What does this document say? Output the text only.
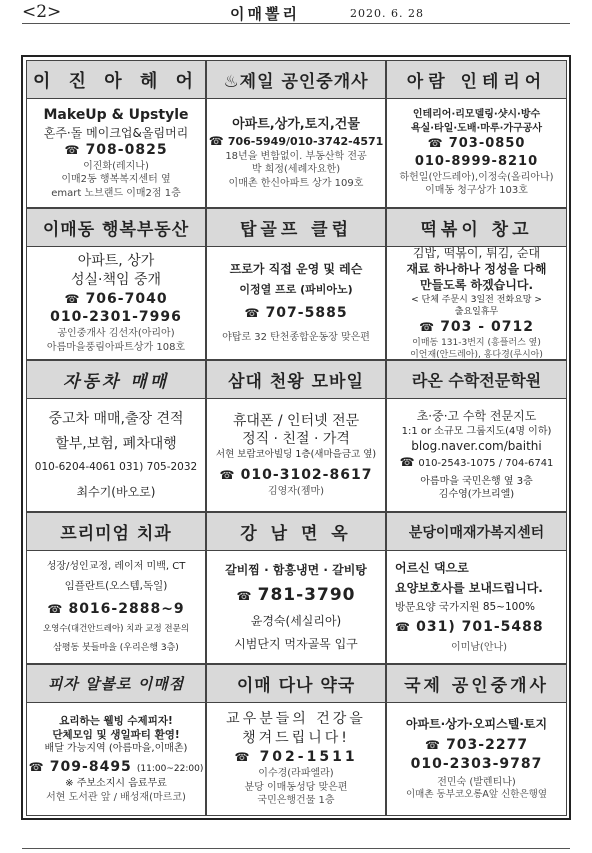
<2>	이매뽈리	2020. 6. 28
이 진 아 헤 어
MakeUp & Upstyle
혼주·돌 메이크업&올림머리
☎ 708-0825
이진화(레지나)
이매2동 행복복지센터 옆
emart 노브랜드 이매2점 1층
♨제일 공인중개사
아파트,상가,토지,건물
☎ 706-5949/010-3742-4571
18년을 변함없이. 부동산학 전공
박 희정(세례자요한)
이매촌 한신아파트 상가 109호
아람 인테리어
인테리어·리모델링·샷시·방수
욕실·타일·도배·마루·가구공사
☎ 703-0850
010-8999-8210
하헌일(안드레아),이정숙(올리아나)
이매동 청구상가 103호
이매동 행복부동산
아파트, 상가
성실·책임 중개
☎ 706-7040
010-2301-7996
공인중개사 김선자(아리아)
아름마을풍림아파트상가 108호
탑골프 클럽
프로가 직접 운영 및 레슨
이정열 프로 (파비아노)
☎ 707-5885
야탑로 32 탄천종합운동장 맞은편
떡볶이 창고
김밥, 떡볶이, 튀김, 순대
재료 하나하나 정성을 다해
만들도록 하겠습니다.
< 단체 주문시 3일전 전화요망 >
출요일휴무
☎ 703 - 0712
이매동 131-3번지 (흥플러스 옆)
이언재(안드레아), 홍다경(루시아)
자동차 매매
중고차 매매,출장 견적
할부,보험, 폐차대행
010-6204-4061 031) 705-2032
최수기(바오로)
삼대 천왕 모바일
휴대폰 / 인터넷 전문
정직 · 친절 · 가격
서현 보람코아빌딩 1층(새마을금고 옆)
☎ 010-3102-8617
김영자(젬마)
라온 수학전문학원
초·중·고 수학 전문지도
1:1 or 소규모 그룹지도(4명 이하)
blog.naver.com/baithi
☎ 010-2543-1075 / 704-6741
아름마을 국민은행 옆 3층
김수영(가브리엘)
프리미엄 치과
성장/성인교정, 레이저 미백, CT
임플란트(오스템,독일)
☎ 8016-2888~9
오영수(대건안드레아) 치과 교정 전문의
삼평동 붓들마을 (우리은행 3층)
강 남 면 옥
갈비찜 · 함흥냉면 · 갈비탕
☎ 781-3790
윤경숙(세실리아)
시범단지 먹자골목 입구
분당이매재가복지센터
어르신 댁으로
요양보호사를 보내드립니다.
방문요양 국가지원 85~100%
☎ 031) 701-5488
이미남(안나)
피자 알볼로 이매점
요리하는 웰빙 수제피자!
단체모임 및 생일파티 환영!
배달 가능지역 (아름마을,이매촌)
☎ 709-8495 (11:00~22:00)
※ 주보소지시 음료무료
서현 도서관 앞 / 배성재(마르코)
이매 다나 약국
교우분들의 건강을
챙겨드립니다!
☎ 702-1511
이수경(라파엘라)
분당 이매동성당 맞은편
국민은행건물 1층
국제 공인중개사
아파트·상가·오피스텔·토지
☎ 703-2277
010-2303-9787
전민숙 (발렌티나)
이매촌 동부코오롱A앞 신한은행옆
